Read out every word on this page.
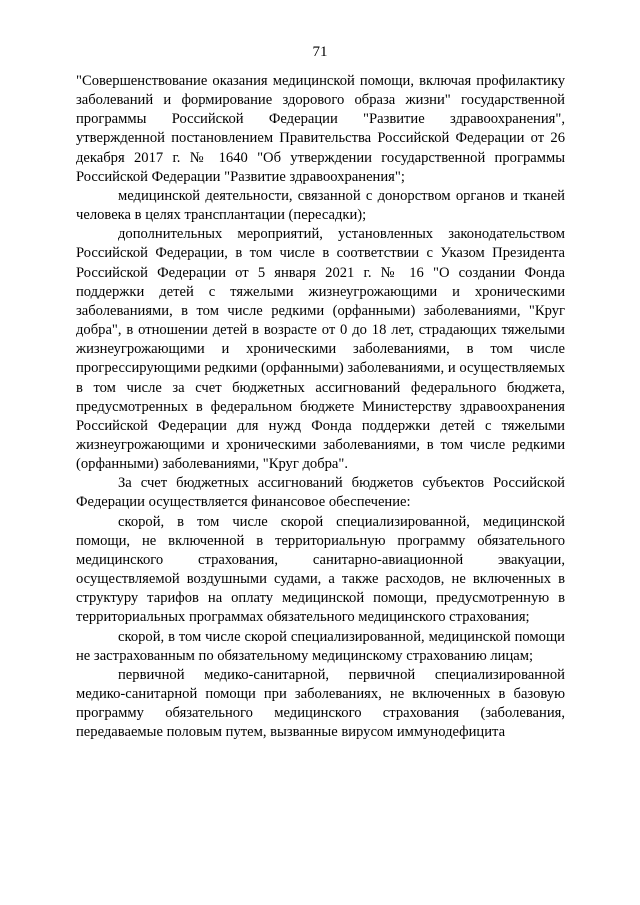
71

"Совершенствование оказания медицинской помощи, включая профилактику заболеваний и формирование здорового образа жизни" государственной программы Российской Федерации "Развитие здравоохранения", утвержденной постановлением Правительства Российской Федерации от 26 декабря 2017 г. № 1640 "Об утверждении государственной программы Российской Федерации "Развитие здравоохранения";

медицинской деятельности, связанной с донорством органов и тканей человека в целях трансплантации (пересадки);

дополнительных мероприятий, установленных законодательством Российской Федерации, в том числе в соответствии с Указом Президента Российской Федерации от 5 января 2021 г. № 16 "О создании Фонда поддержки детей с тяжелыми жизнеугрожающими и хроническими заболеваниями, в том числе редкими (орфанными) заболеваниями, "Круг добра", в отношении детей в возрасте от 0 до 18 лет, страдающих тяжелыми жизнеугрожающими и хроническими заболеваниями, в том числе прогрессирующими редкими (орфанными) заболеваниями, и осуществляемых в том числе за счет бюджетных ассигнований федерального бюджета, предусмотренных в федеральном бюджете Министерству здравоохранения Российской Федерации для нужд Фонда поддержки детей с тяжелыми жизнеугрожающими и хроническими заболеваниями, в том числе редкими (орфанными) заболеваниями, "Круг добра".

За счет бюджетных ассигнований бюджетов субъектов Российской Федерации осуществляется финансовое обеспечение:

скорой, в том числе скорой специализированной, медицинской помощи, не включенной в территориальную программу обязательного медицинского страхования, санитарно-авиационной эвакуации, осуществляемой воздушными судами, а также расходов, не включенных в структуру тарифов на оплату медицинской помощи, предусмотренную в территориальных программах обязательного медицинского страхования;

скорой, в том числе скорой специализированной, медицинской помощи не застрахованным по обязательному медицинскому страхованию лицам;

первичной медико-санитарной, первичной специализированной медико-санитарной помощи при заболеваниях, не включенных в базовую программу обязательного медицинского страхования (заболевания, передаваемые половым путем, вызванные вирусом иммунодефицита
